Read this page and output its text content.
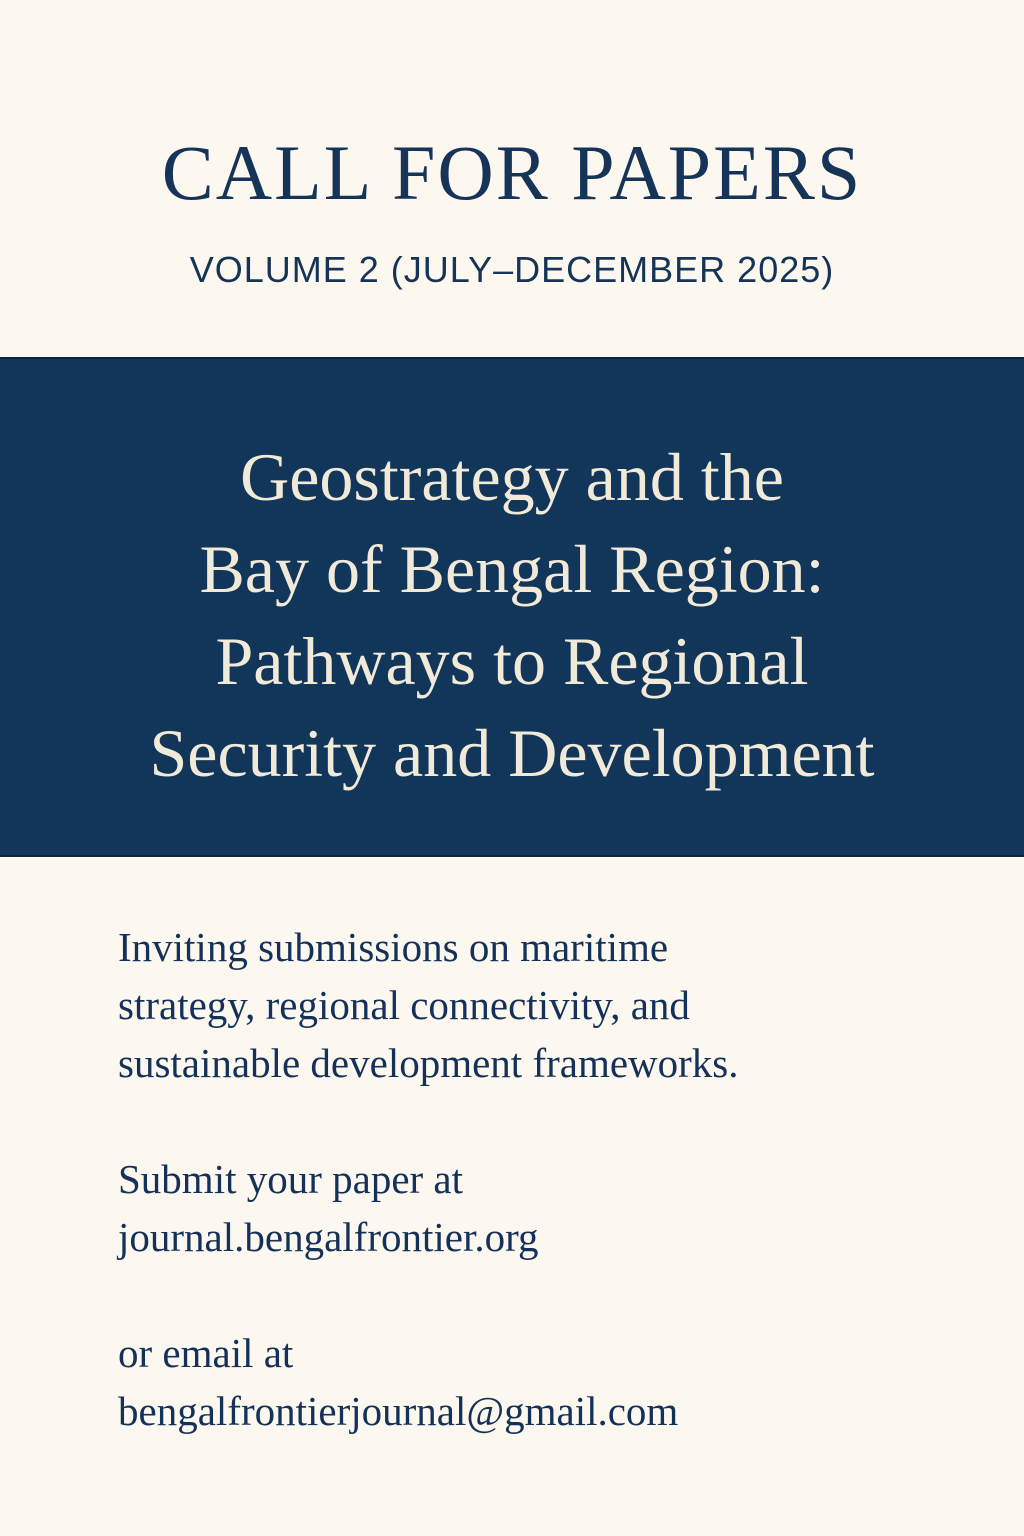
CALL FOR PAPERS
VOLUME 2 (JULY–DECEMBER 2025)
Geostrategy and the
Bay of Bengal Region:
Pathways to Regional
Security and Development
Inviting submissions on maritime
strategy, regional connectivity, and
sustainable development frameworks.
Submit your paper at
journal.bengalfrontier.org
or email at
bengalfrontierjournal@gmail.com
